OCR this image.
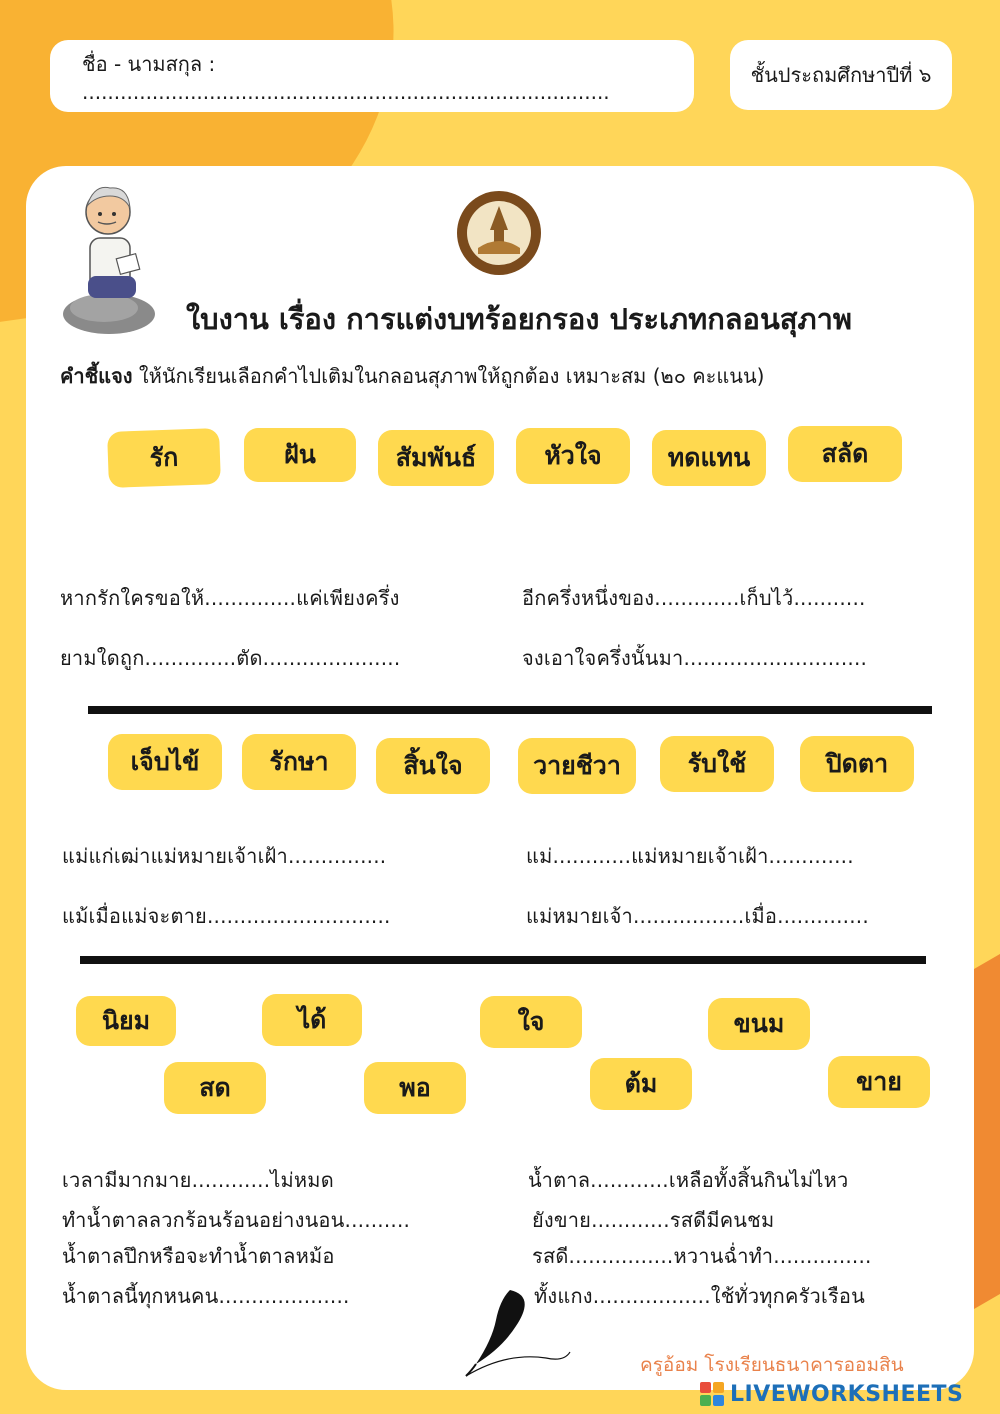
ชื่อ - นามสกุล : ...................................................................................
ชั้นประถมศึกษาปีที่ ๖
ใบงาน เรื่อง การแต่งบทร้อยกรอง ประเภทกลอนสุภาพ
คำชี้แจง ให้นักเรียนเลือกคำไปเติมในกลอนสุภาพให้ถูกต้อง เหมาะสม (๒๐ คะแนน)
รัก	ฝัน	สัมพันธ์	หัวใจ	ทดแทน	สลัด
หากรักใครขอให้..............แค่เพียงครึ่ง	อีกครึ่งหนึ่งของ.............เก็บไว้...........
ยามใดถูก..............ตัด.....................	จงเอาใจครึ่งนั้นมา............................
เจ็บไข้	รักษา	สิ้นใจ	วายชีวา	รับใช้	ปิดตา
แม่แก่เฒ่าแม่หมายเจ้าเฝ้า...............	แม่............แม่หมายเจ้าเฝ้า.............
แม้เมื่อแม่จะตาย............................	แม่หมายเจ้า.................เมื่อ..............
นิยม	ได้	ใจ	ขนม
สด	พอ	ต้ม	ขาย
เวลามีมากมาย............ไม่หมด
ทำน้ำตาลลวกร้อนร้อนอย่างนอน..........
น้ำตาลปึกหรือจะทำน้ำตาลหม้อ
น้ำตาลนี้ทุกหนคน....................
น้ำตาล............เหลือทั้งสิ้นกินไม่ไหว
ยังขาย............รสดีมีคนชม
รสดี................หวานฉ่ำทำ...............
ทั้งแกง..................ใช้ทั่วทุกครัวเรือน
ครูอ้อม โรงเรียนธนาคารออมสิน
LIVEWORKSHEETS
